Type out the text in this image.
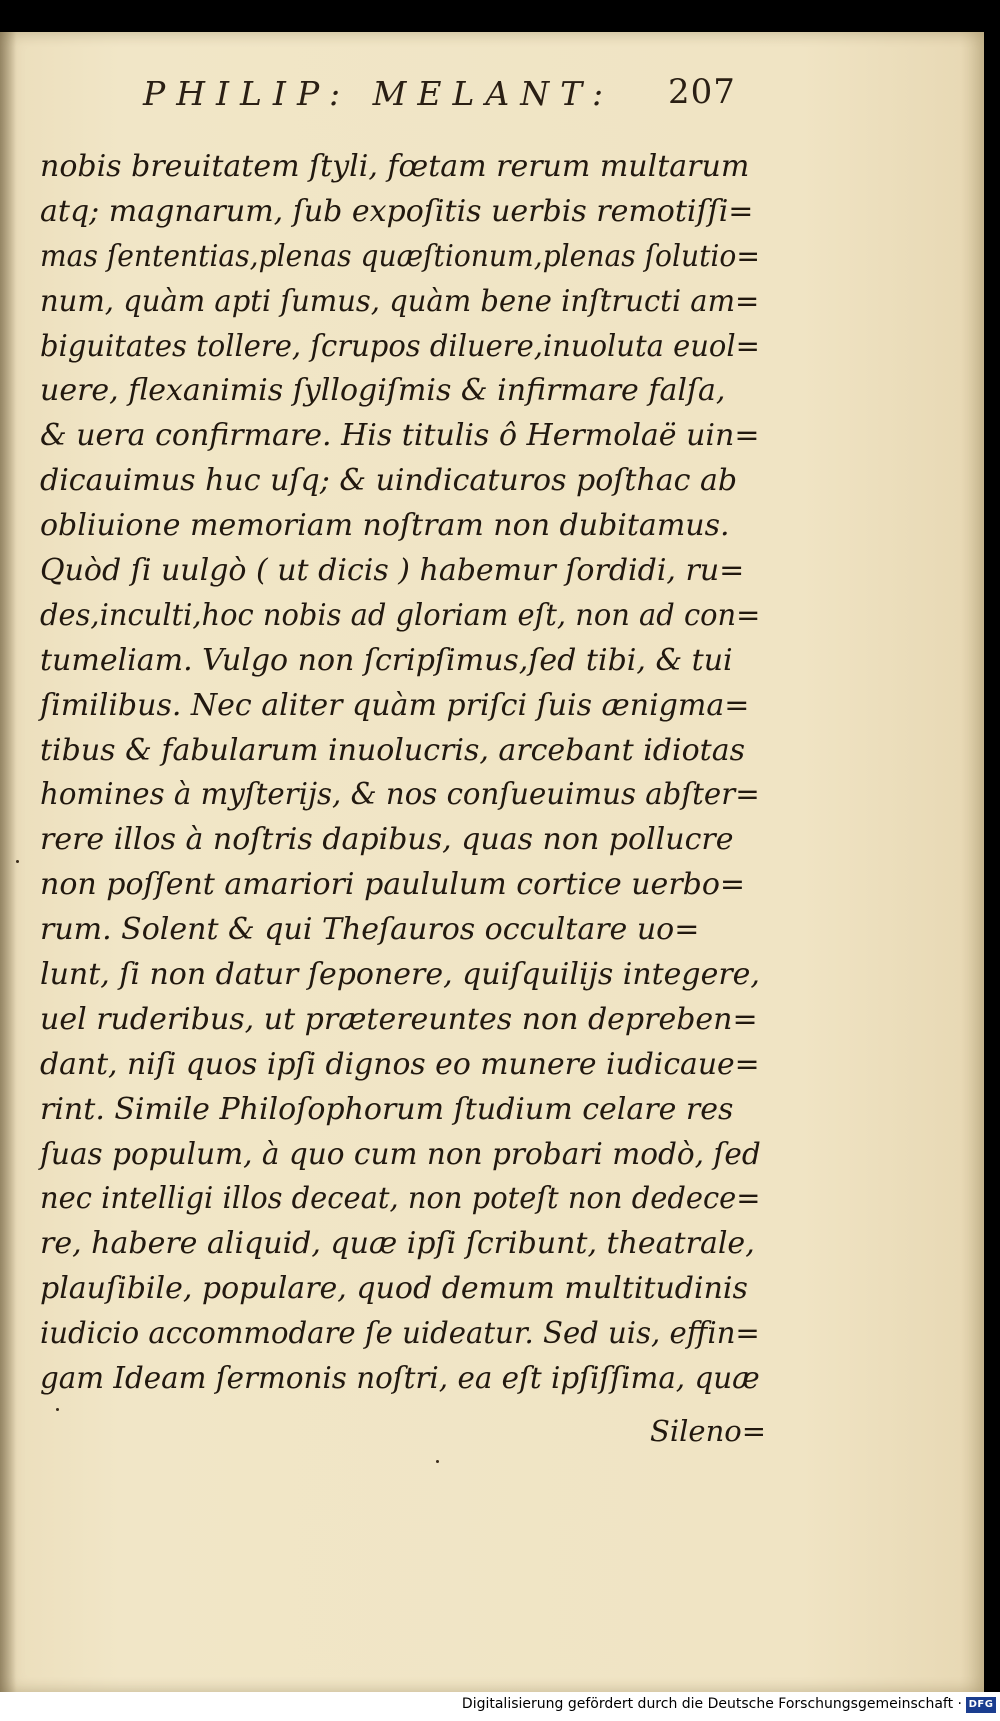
PHILIP: MELANT: 207
nobis breuitatem ſtyli, fœtam rerum multarum
atq; magnarum, ſub expoſitis uerbis remotiſſi=
mas ſententias,plenas quæſtionum,plenas ſolutio=
num, quàm apti ſumus, quàm bene inſtructi am=
biguitates tollere, ſcrupos diluere,inuoluta euol=
uere, flexanimis ſyllogiſmis & infirmare falſa,
& uera confirmare. His titulis ô Hermolaë uin=
dicauimus huc uſq; & uindicaturos poſthac ab
obliuione memoriam noſtram non dubitamus.
Quòd ſi uulgò ( ut dicis ) habemur ſordidi, ru=
des,inculti,hoc nobis ad gloriam eſt, non ad con=
tumeliam. Vulgo non ſcripſimus,ſed tibi, & tui
ſimilibus. Nec aliter quàm priſci ſuis ænigma=
tibus & fabularum inuolucris, arcebant idiotas
homines à myſterijs, & nos conſueuimus abſter=
rere illos à noſtris dapibus, quas non pollucre
non poſſent amariori paululum cortice uerbo=
rum. Solent & qui Theſauros occultare uo=
lunt, ſi non datur ſeponere, quiſquilijs integere,
uel ruderibus, ut prætereuntes non depreben=
dant, niſi quos ipſi dignos eo munere iudicaue=
rint. Simile Philoſophorum ſtudium celare res
ſuas populum, à quo cum non probari modò, ſed
nec intelligi illos deceat, non poteſt non dedece=
re, habere aliquid, quæ ipſi ſcribunt, theatrale,
plauſibile, populare, quod demum multitudinis
iudicio accommodare ſe uideatur. Sed uis, effin=
gam Ideam ſermonis noſtri, ea eſt ipſiſſima, quæ
Sileno=
Digitalisierung gefördert durch die Deutsche Forschungsgemeinschaft · DFG
